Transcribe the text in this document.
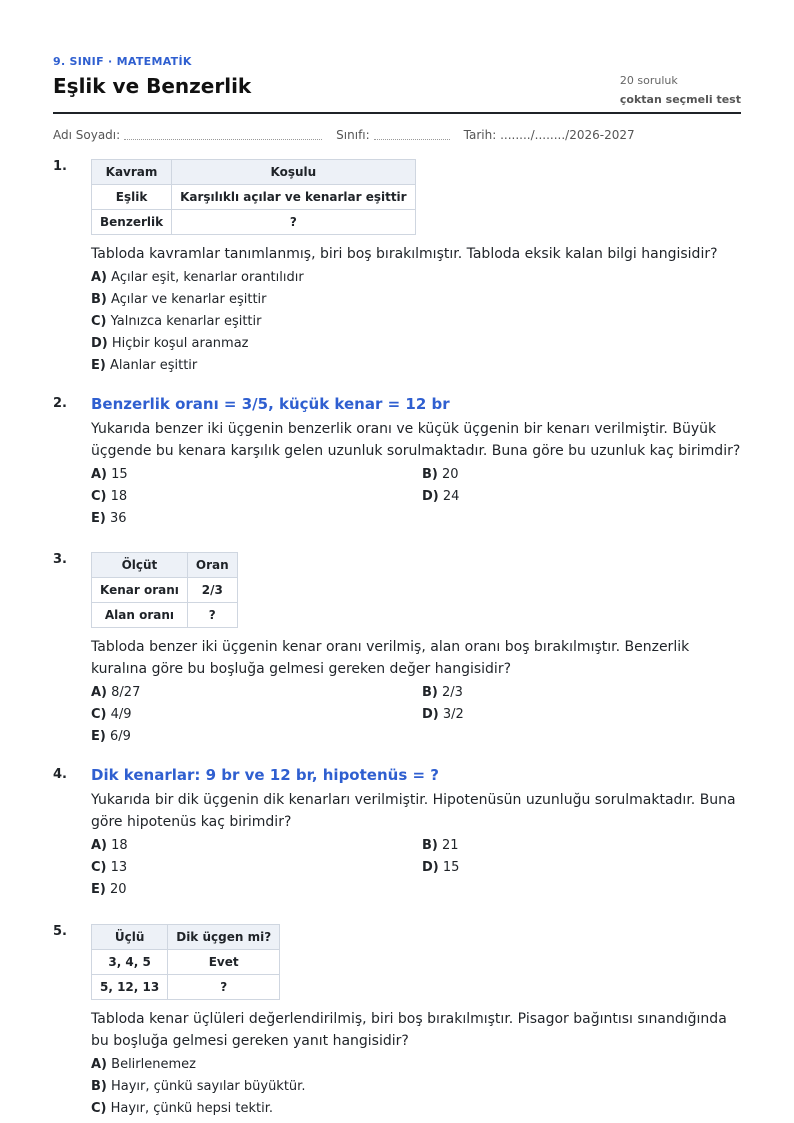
9. SINIF · MATEMATİK
Eşlik ve Benzerlik	20 soruluk
çoktan seçmeli test
Adı Soyadı:	Sınıfı:	Tarih: ......../......../2026-2027
1.	Kavram	Koşulu
Eşlik	Karşılıklı açılar ve kenarlar eşittir
Benzerlik	?
Tabloda kavramlar tanımlanmış, biri boş bırakılmıştır. Tabloda eksik kalan bilgi hangisidir?
A) Açılar eşit, kenarlar orantılıdır
B) Açılar ve kenarlar eşittir
C) Yalnızca kenarlar eşittir
D) Hiçbir koşul aranmaz
E) Alanlar eşittir
2. Benzerlik oranı = 3/5, küçük kenar = 12 br
Yukarıda benzer iki üçgenin benzerlik oranı ve küçük üçgenin bir kenarı verilmiştir. Büyük üçgende bu kenara karşılık gelen uzunluk sorulmaktadır. Buna göre bu uzunluk kaç birimdir?
A) 15	B) 20
C) 18	D) 24
E) 36
3.	Ölçüt	Oran
Kenar oranı	2/3
Alan oranı	?
Tabloda benzer iki üçgenin kenar oranı verilmiş, alan oranı boş bırakılmıştır. Benzerlik kuralına göre bu boşluğa gelmesi gereken değer hangisidir?
A) 8/27	B) 2/3
C) 4/9	D) 3/2
E) 6/9
4. Dik kenarlar: 9 br ve 12 br, hipotenüs = ?
Yukarıda bir dik üçgenin dik kenarları verilmiştir. Hipotenüsün uzunluğu sorulmaktadır. Buna göre hipotenüs kaç birimdir?
A) 18	B) 21
C) 13	D) 15
E) 20
5.	Üçlü	Dik üçgen mi?
3, 4, 5	Evet
5, 12, 13	?
Tabloda kenar üçlüleri değerlendirilmiş, biri boş bırakılmıştır. Pisagor bağıntısı sınandığında bu boşluğa gelmesi gereken yanıt hangisidir?
A) Belirlenemez
B) Hayır, çünkü sayılar büyüktür.
C) Hayır, çünkü hepsi tektir.
